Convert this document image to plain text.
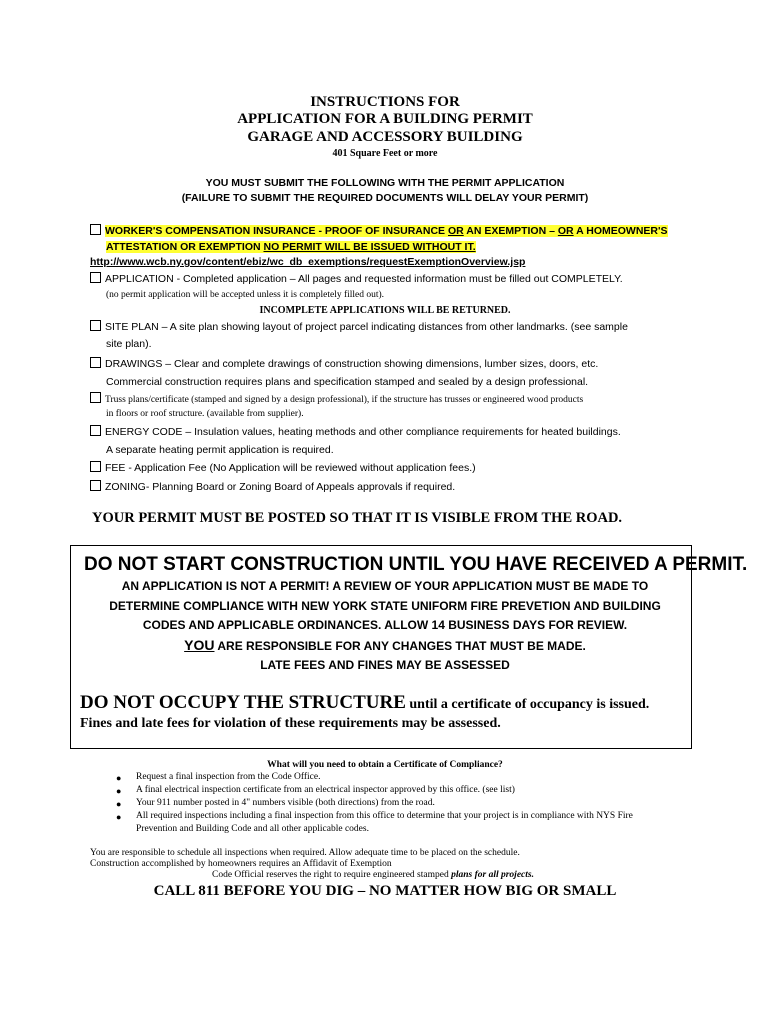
INSTRUCTIONS FOR
APPLICATION FOR A BUILDING PERMIT
GARAGE AND ACCESSORY BUILDING
401 Square Feet or more
YOU MUST SUBMIT THE FOLLOWING WITH THE PERMIT APPLICATION
(FAILURE TO SUBMIT THE REQUIRED DOCUMENTS WILL DELAY YOUR PERMIT)
WORKER'S COMPENSATION INSURANCE - PROOF OF INSURANCE OR AN EXEMPTION – OR A HOMEOWNER'S
ATTESTATION OR EXEMPTION NO PERMIT WILL BE ISSUED WITHOUT IT.
http://www.wcb.ny.gov/content/ebiz/wc_db_exemptions/requestExemptionOverview.jsp
APPLICATION - Completed application – All pages and requested information must be filled out COMPLETELY.
(no permit application will be accepted unless it is completely filled out).
INCOMPLETE APPLICATIONS WILL BE RETURNED.
SITE PLAN – A site plan showing layout of project parcel indicating distances from other landmarks. (see sample
site plan).
DRAWINGS – Clear and complete drawings of construction showing dimensions, lumber sizes, doors, etc.
Commercial construction requires plans and specification stamped and sealed by a design professional.
Truss plans/certificate (stamped and signed by a design professional), if the structure has trusses or engineered wood products
in floors or roof structure. (available from supplier).
ENERGY CODE – Insulation values, heating methods and other compliance requirements for heated buildings.
A separate heating permit application is required.
FEE - Application Fee (No Application will be reviewed without application fees.)
ZONING- Planning Board or Zoning Board of Appeals approvals if required.
YOUR PERMIT MUST BE POSTED SO THAT IT IS VISIBLE FROM THE ROAD.
DO NOT START CONSTRUCTION UNTIL YOU HAVE RECEIVED A PERMIT.
AN APPLICATION IS NOT A PERMIT! A REVIEW OF YOUR APPLICATION MUST BE MADE TO
DETERMINE COMPLIANCE WITH NEW YORK STATE UNIFORM FIRE PREVETION AND BUILDING
CODES AND APPLICABLE ORDINANCES. ALLOW 14 BUSINESS DAYS FOR REVIEW.
YOU ARE RESPONSIBLE FOR ANY CHANGES THAT MUST BE MADE.
LATE FEES AND FINES MAY BE ASSESSED
DO NOT OCCUPY THE STRUCTURE until a certificate of occupancy is issued.
Fines and late fees for violation of these requirements may be assessed.
What will you need to obtain a Certificate of Compliance?
● Request a final inspection from the Code Office.
● A final electrical inspection certificate from an electrical inspector approved by this office. (see list)
● Your 911 number posted in 4" numbers visible (both directions) from the road.
● All required inspections including a final inspection from this office to determine that your project is in compliance with NYS Fire
Prevention and Building Code and all other applicable codes.
You are responsible to schedule all inspections when required. Allow adequate time to be placed on the schedule.
Construction accomplished by homeowners requires an Affidavit of Exemption
Code Official reserves the right to require engineered stamped plans for all projects.
CALL 811 BEFORE YOU DIG – NO MATTER HOW BIG OR SMALL
